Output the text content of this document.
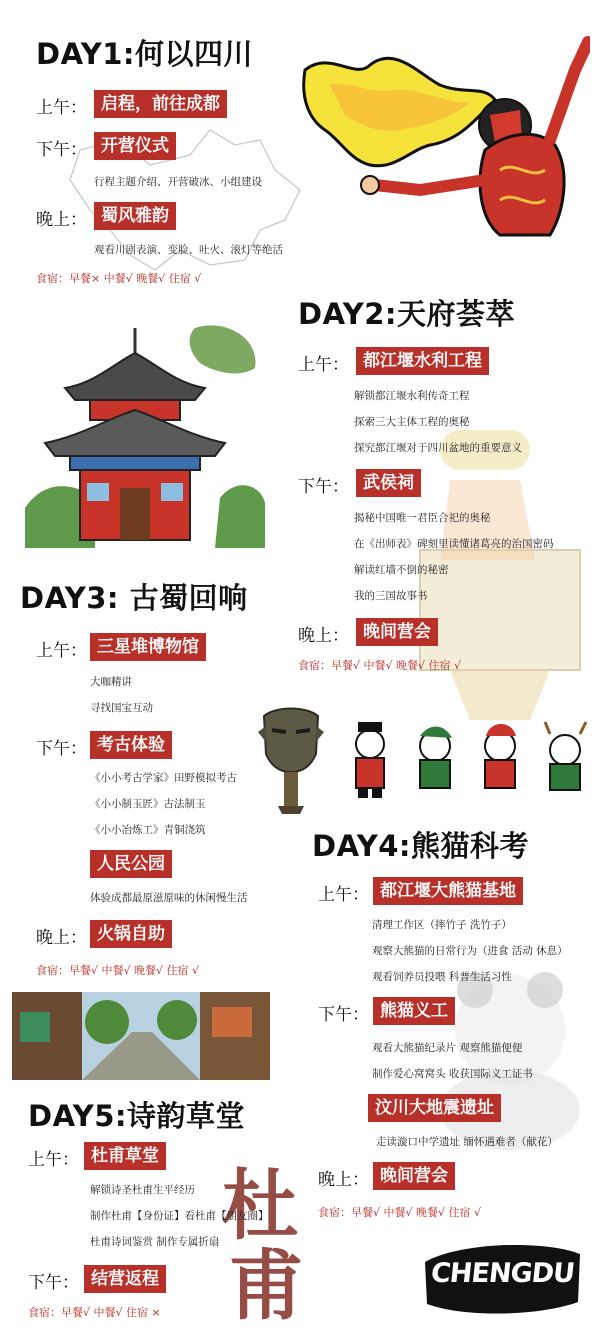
CHENGDU
杜
甫
DAY1:何以四川
上午： 启程，前往成都
下午： 开营仪式
行程主题介绍、开营破冰、小组建设
晚上： 蜀风雅韵
观看川剧表演、变脸、吐火、滚灯等绝活
食宿：早餐× 中餐√ 晚餐√ 住宿 √
DAY2:天府荟萃
上午： 都江堰水利工程
解锁都江堰水利传奇工程
探索三大主体工程的奥秘
探究都江堰对于四川盆地的重要意义
下午： 武侯祠
揭秘中国唯一君臣合祀的奥秘
在《出师表》碑刻里读懂诸葛亮的治国密码
解读红墙不倒的秘密
我的三国故事书
晚上： 晚间营会
食宿：早餐√ 中餐√ 晚餐√ 住宿 √
DAY3: 古蜀回响
上午： 三星堆博物馆
大咖精讲
寻找国宝互动
下午： 考古体验
《小小考古学家》田野模拟考古
《小小制玉匠》古法制玉
《小小冶炼工》青铜浇筑
人民公园
体验成都最原滋原味的休闲慢生活
晚上： 火锅自助
食宿：早餐√ 中餐√ 晚餐√ 住宿 √
DAY4:熊猫科考
上午： 都江堰大熊猫基地
清理工作区（摔竹子 洗竹子）
观察大熊猫的日常行为（进食 活动 休息）
观看饲养员投喂 科普生活习性
下午： 熊猫义工
观看大熊猫纪录片 观察熊猫便便
制作爱心窝窝头 收获国际义工证书
汶川大地震遗址
走读漩口中学遗址 缅怀遇难者（献花）
晚上： 晚间营会
食宿：早餐√ 中餐√ 晚餐√ 住宿 √
DAY5:诗韵草堂
上午： 杜甫草堂
解锁诗圣杜甫生平经历
制作杜甫【身份证】看杜甫【朋友圈】
杜甫诗词鉴赏 制作专属折扇
下午： 结营返程
食宿：早餐√ 中餐√ 住宿 ×
